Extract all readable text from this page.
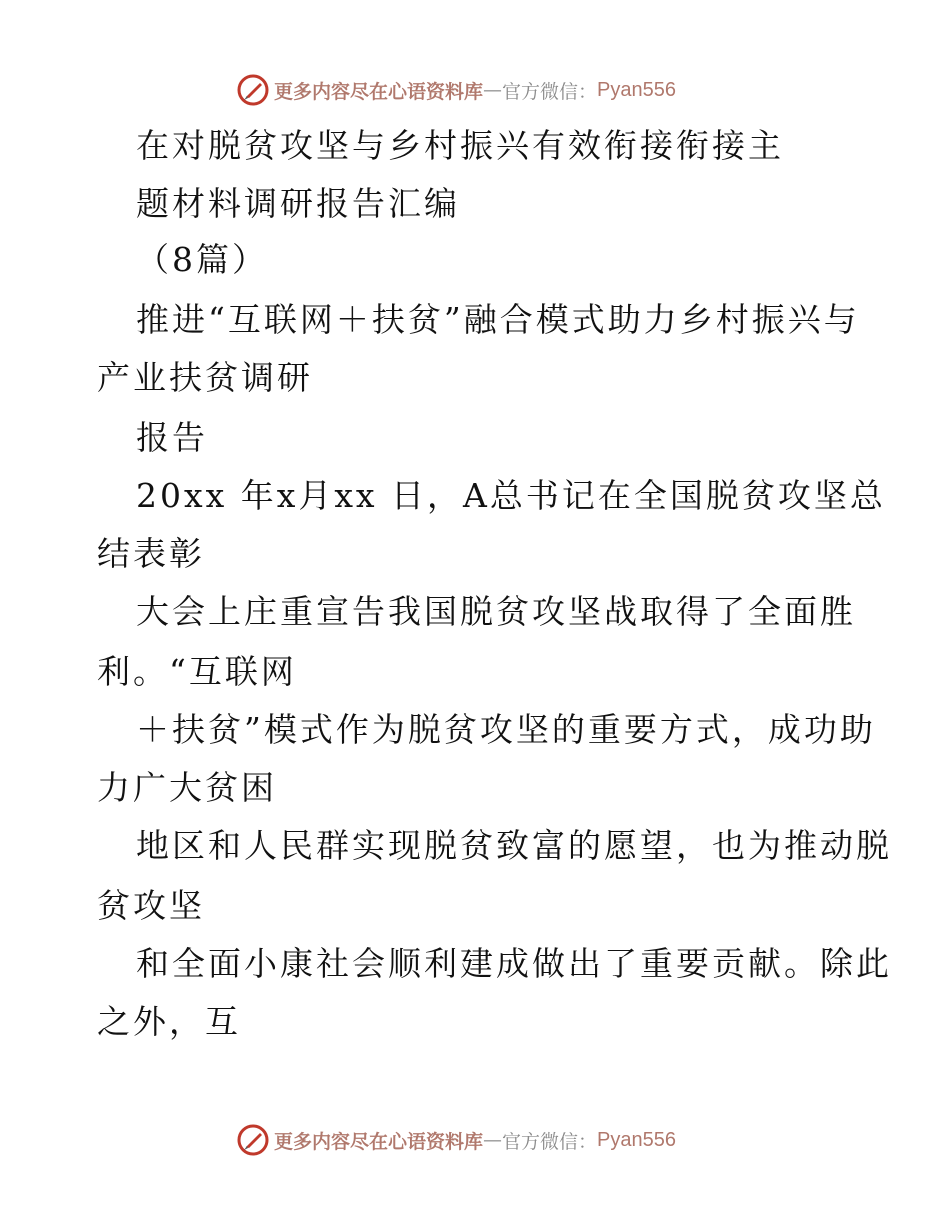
更多内容尽在心语资料库 — 官方微信： Pyan556
在对脱贫攻坚与乡村振兴有效衔接衔接主
题材料调研报告汇编
（8篇）
推进“互联网＋扶贫”融合模式助力乡村振兴与
产业扶贫调研
报告
20xx 年x月xx 日，A总书记在全国脱贫攻坚总
结表彰
大会上庄重宣告我国脱贫攻坚战取得了全面胜
利。“互联网
＋扶贫”模式作为脱贫攻坚的重要方式，成功助
力广大贫困
地区和人民群实现脱贫致富的愿望，也为推动脱
贫攻坚
和全面小康社会顺利建成做出了重要贡献。除此
之外，互
更多内容尽在心语资料库 — 官方微信： Pyan556
